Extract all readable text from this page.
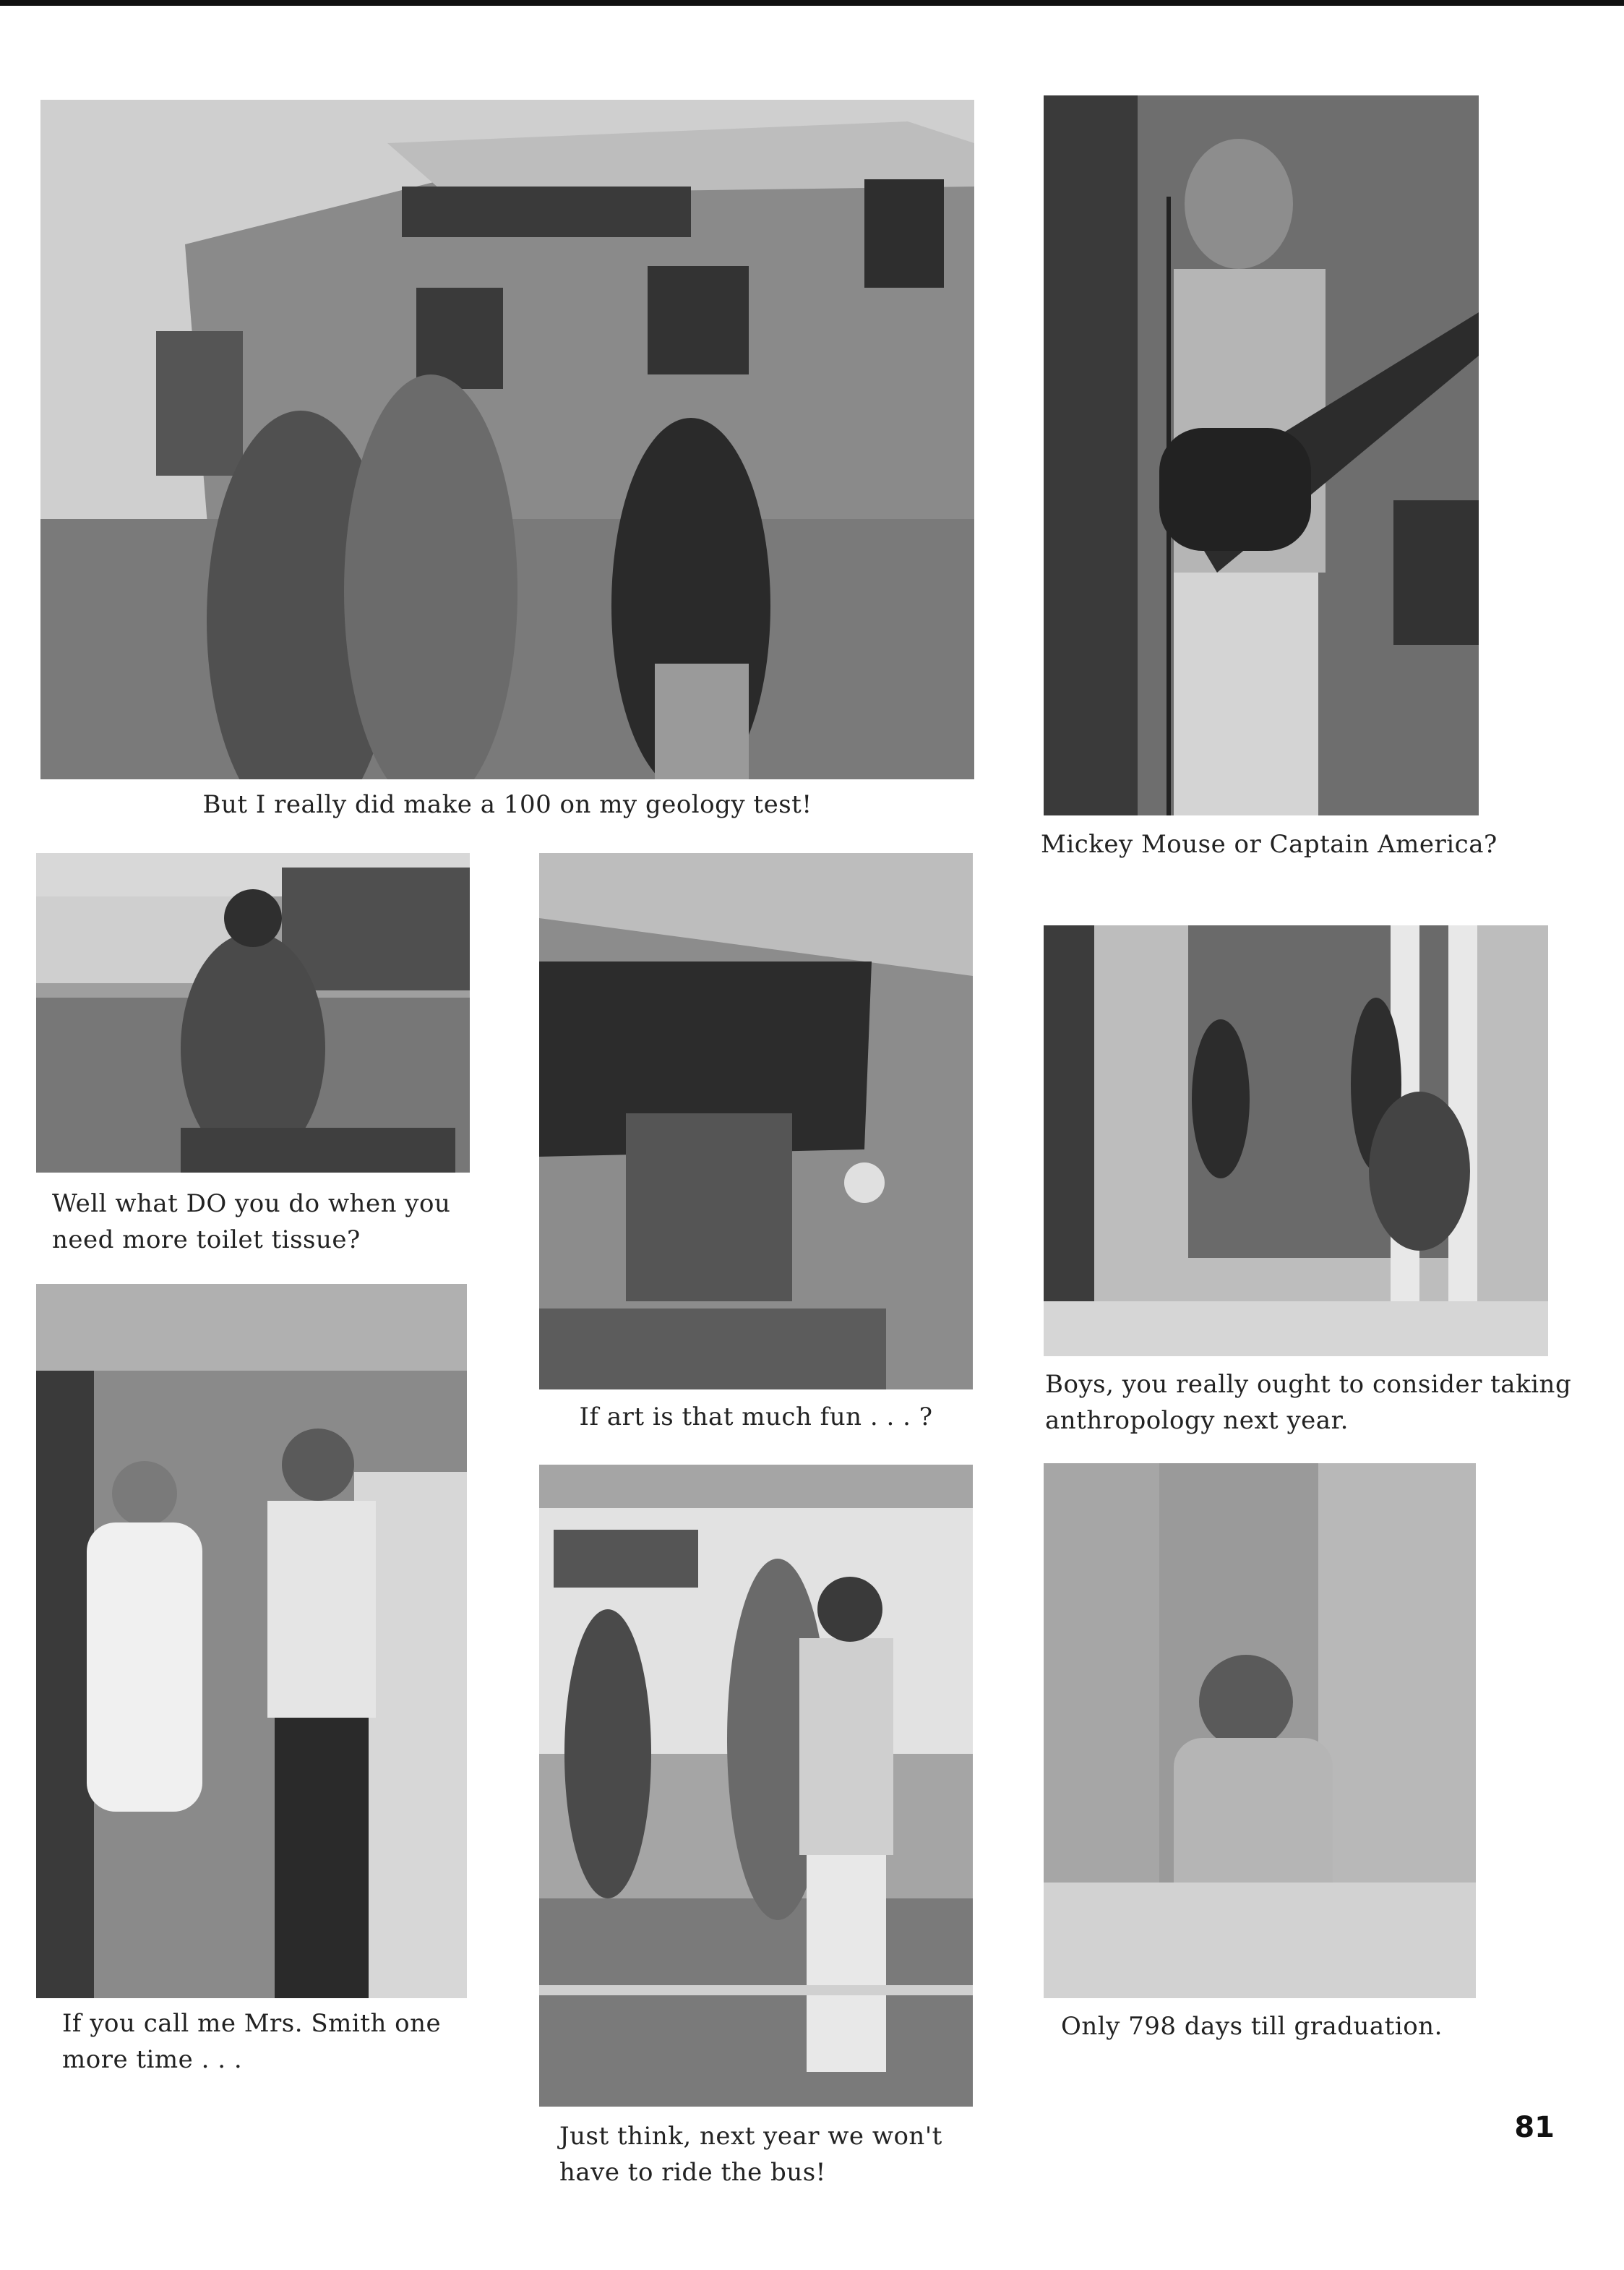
But I really did make a 100 on my geology test!
Mickey Mouse or Captain America?
Well what DO you do when you
need more toilet tissue?
If art is that much fun . . . ?
Boys, you really ought to consider taking
anthropology next year.
If you call me Mrs. Smith one
more time . . .
Just think, next year we won't
have to ride the bus!
Only 798 days till graduation.
81
